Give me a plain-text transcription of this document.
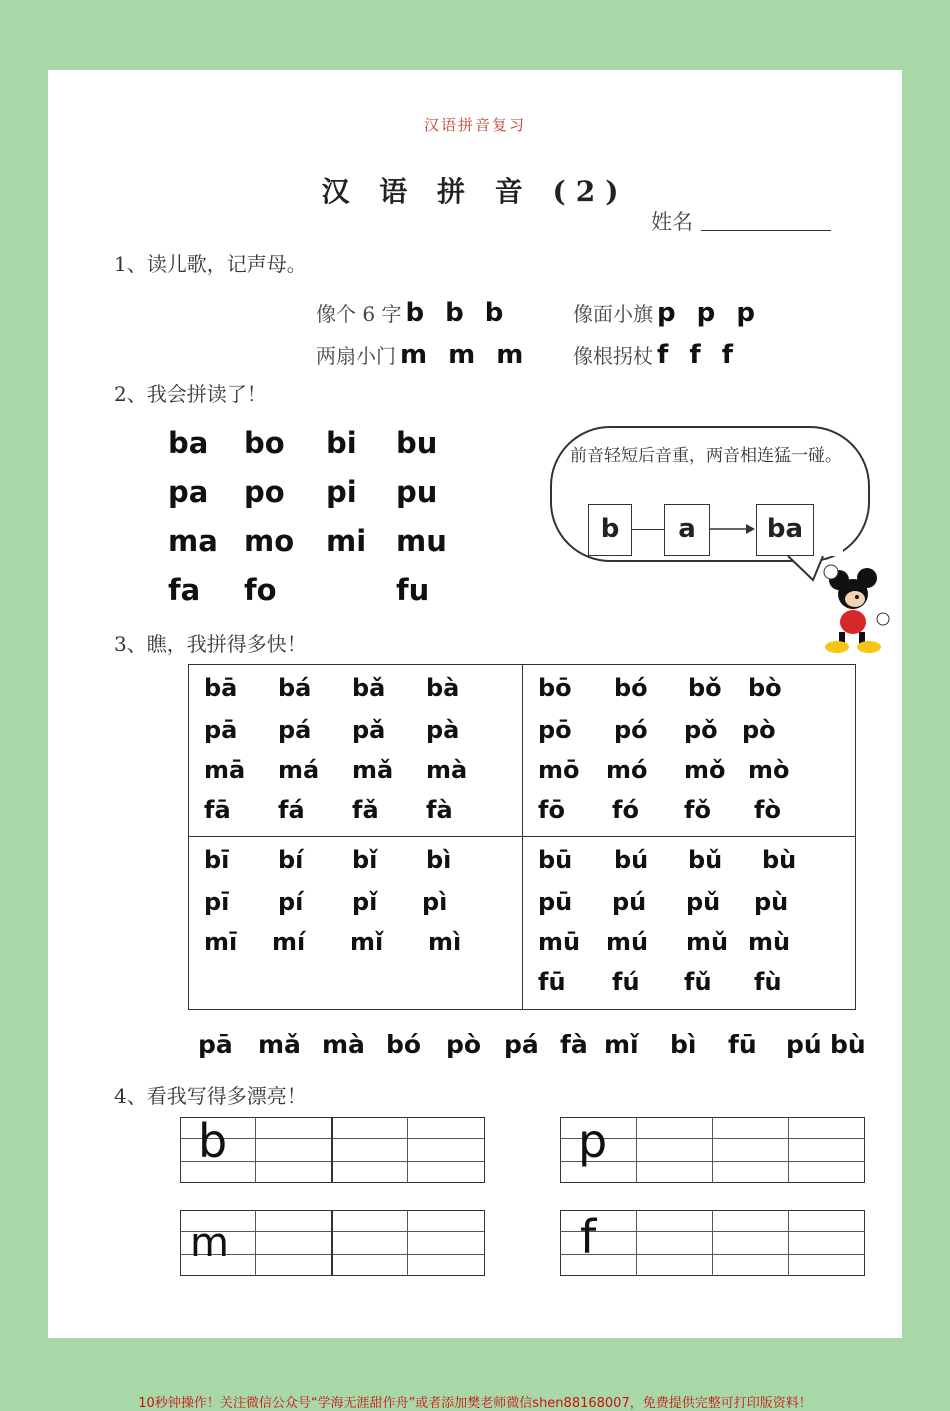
汉语拼音复习
汉 语 拼 音 (2)
姓名
1、读儿歌，记声母。
像个 6 字 b b b	像面小旗 p p p
两扇小门 m m m 像根拐杖 f f f
2、我会拼读了！
ba bo bi bu
pa po pi pu
ma mo mi mu
fa fo	fu
前音轻短后音重，两音相连猛一碰。
b	a	ba
3、瞧，我拼得多快！
bā bá bǎ bà
pā pá pǎ pà
mā má mǎ mà
fā fá fǎ fà
bō bó bǒ bò
pō pó pǒ pò
mō mó mǒ mò
fō fó fǒ fò
bī bí bǐ bì
pī pí pǐ pì
mī mí mǐ mì
bū bú bǔ bù
pū pú pǔ pù
mū mú mǔ mù
fū fú fǔ fù
pā mǎ mà bó pò pá fà mǐ bì fū pú bù
4、看我写得多漂亮！
b	p
m	f
10秒钟操作！关注微信公众号“学海无涯甜作舟”或者添加樊老师微信shen88168007，免费提供完整可打印版资料！
